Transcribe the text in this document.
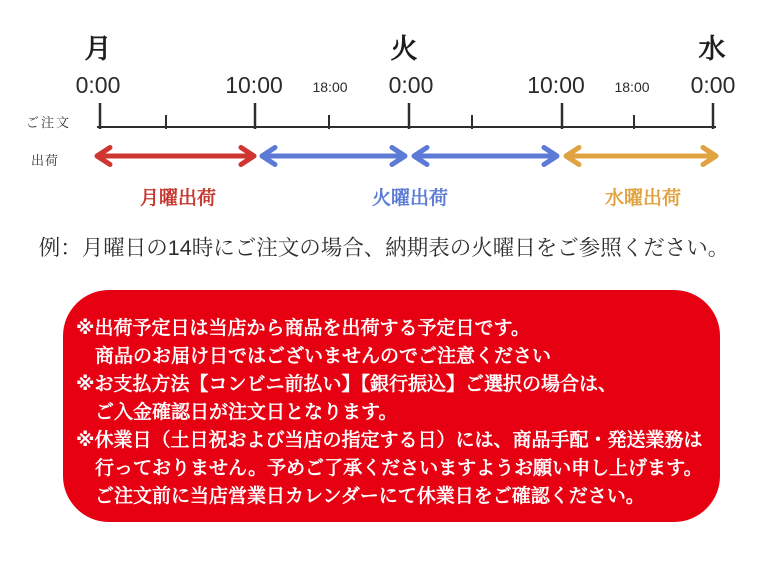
月	火	水
0:00	10:00 18:00 0:00	10:00 18:00 0:00
ご注文
出荷
月曜出荷	火曜出荷	水曜出荷
例：月曜日の14時にご注文の場合、納期表の火曜日をご参照ください。
※出荷予定日は当店から商品を出荷する予定日です。
　商品のお届け日ではございませんのでご注意ください
※お支払方法【コンビニ前払い】【銀行振込】ご選択の場合は、
　ご入金確認日が注文日となります。
※休業日（土日祝および当店の指定する日）には、商品手配・発送業務は
　行っておりません。予めご了承くださいますようお願い申し上げます。
　ご注文前に当店営業日カレンダーにて休業日をご確認ください。
